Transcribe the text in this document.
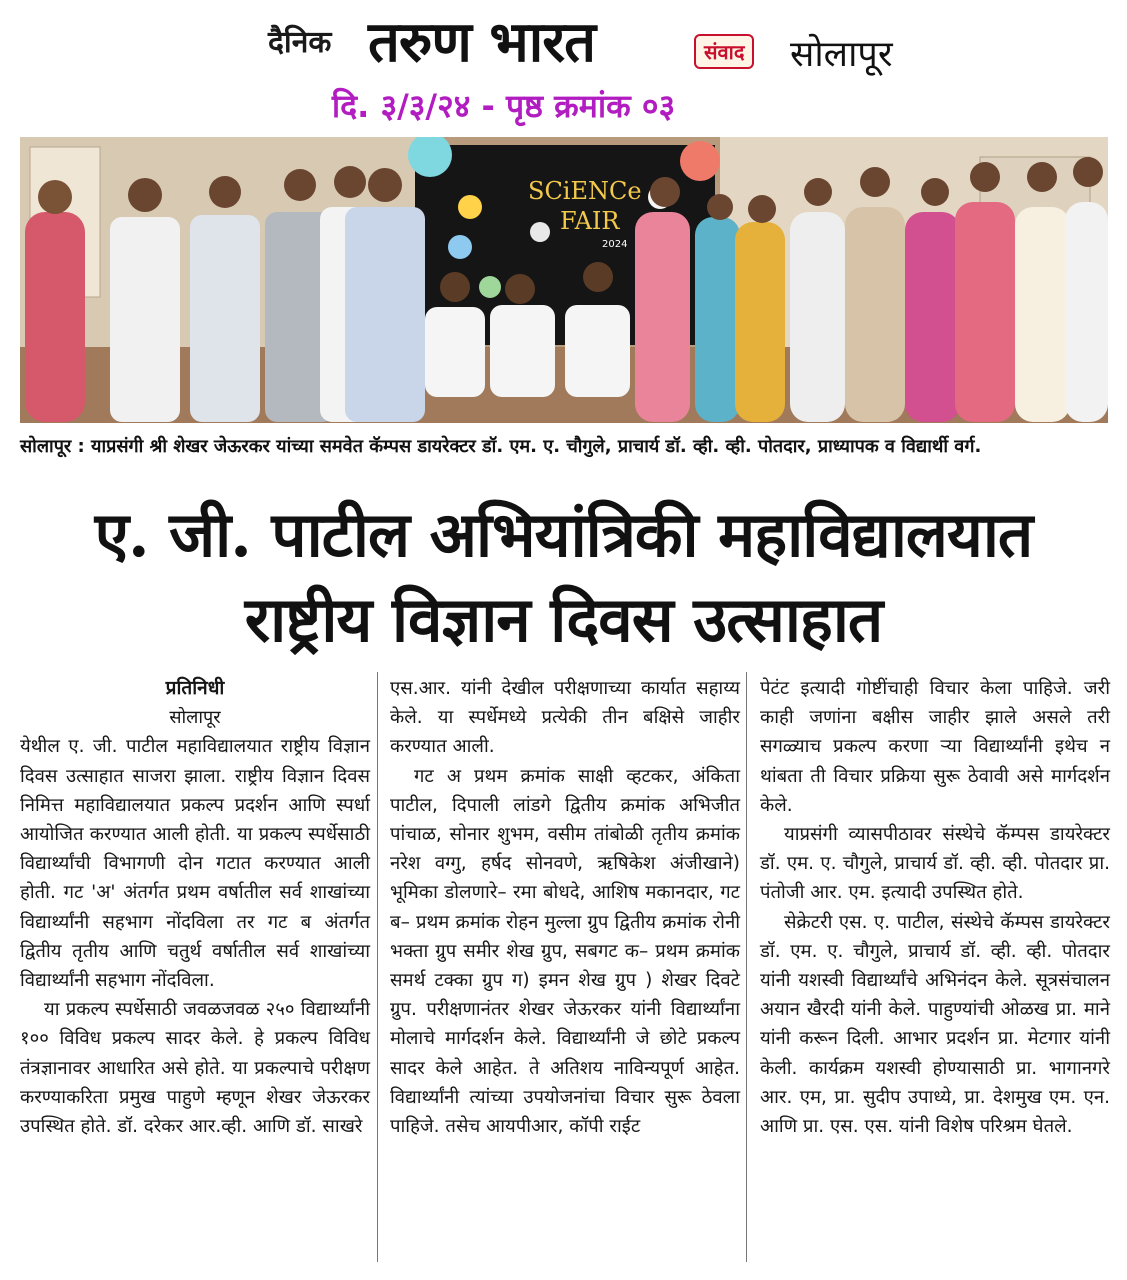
दैनिक तरुण भारत	संवाद सोलापूर
दि. ३/३/२४ - पृष्ठ क्रमांक ०३
SCiENCe
FAIR
2024
सोलापूर : याप्रसंगी श्री शेखर जेऊरकर यांच्या समवेत कॅम्पस डायरेक्टर डॉ. एम. ए. चौगुले, प्राचार्य डॉ. व्ही. व्ही. पोतदार, प्राध्यापक व विद्यार्थी वर्ग.
ए. जी. पाटील अभियांत्रिकी महाविद्यालयात
राष्ट्रीय विज्ञान दिवस उत्साहात
प्रतिनिधी
सोलापूर

येथील ए. जी. पाटील महाविद्यालयात राष्ट्रीय विज्ञान दिवस उत्साहात साजरा झाला. राष्ट्रीय विज्ञान दिवस निमित्त महाविद्यालयात प्रकल्प प्रदर्शन आणि स्पर्धा आयोजित करण्यात आली होती. या प्रकल्प स्पर्धेसाठी विद्यार्थ्यांची विभागणी दोन गटात करण्यात आली होती. गट 'अ' अंतर्गत प्रथम वर्षातील सर्व शाखांच्या विद्यार्थ्यांनी सहभाग नोंदविला तर गट ब अंतर्गत द्वितीय तृतीय आणि चतुर्थ वर्षातील सर्व शाखांच्या विद्यार्थ्यांनी सहभाग नोंदविला.

या प्रकल्प स्पर्धेसाठी जवळजवळ २५० विद्यार्थ्यांनी १०० विविध प्रकल्प सादर केले. हे प्रकल्प विविध तंत्रज्ञानावर आधारित असे होते. या प्रकल्पाचे परीक्षण करण्याकरिता प्रमुख पाहुणे म्हणून शेखर जेऊरकर उपस्थित होते. डॉ. दरेकर आर.व्ही. आणि डॉ. साखरे

एस.आर. यांनी देखील परीक्षणाच्या कार्यात सहाय्य केले. या स्पर्धेमध्ये प्रत्येकी तीन बक्षिसे जाहीर करण्यात आली.

गट अ प्रथम क्रमांक साक्षी व्हटकर, अंकिता पाटील, दिपाली लांडगे द्वितीय क्रमांक अभिजीत पांचाळ, सोनार शुभम, वसीम तांबोळी तृतीय क्रमांक नरेश वग्गु, हर्षद सोनवणे, ऋषिकेश अंजीखाने) भूमिका डोलणारे– रमा बोधदे, आशिष मकानदार, गट ब– प्रथम क्रमांक रोहन मुल्ला ग्रुप द्वितीय क्रमांक रोनी भक्ता ग्रुप समीर शेख ग्रुप, सबगट क– प्रथम क्रमांक समर्थ टक्का ग्रुप ग) इमन शेख ग्रुप ) शेखर दिवटे ग्रुप. परीक्षणानंतर शेखर जेऊरकर यांनी विद्यार्थ्यांना मोलाचे मार्गदर्शन केले. विद्यार्थ्यांनी जे छोटे प्रकल्प सादर केले आहेत. ते अतिशय नाविन्यपूर्ण आहेत. विद्यार्थ्यांनी त्यांच्या उपयोजनांचा विचार सुरू ठेवला पाहिजे. तसेच आयपीआर, कॉपी राईट

पेटंट इत्यादी गोष्टींचाही विचार केला पाहिजे. जरी काही जणांना बक्षीस जाहीर झाले असले तरी सगळ्याच प्रकल्प करणा ऱ्या विद्यार्थ्यांनी इथेच न थांबता ती विचार प्रक्रिया सुरू ठेवावी असे मार्गदर्शन केले.

याप्रसंगी व्यासपीठावर संस्थेचे कॅम्पस डायरेक्टर डॉ. एम. ए. चौगुले, प्राचार्य डॉ. व्ही. व्ही. पोतदार प्रा. पंतोजी आर. एम. इत्यादी उपस्थित होते.

सेक्रेटरी एस. ए. पाटील, संस्थेचे कॅम्पस डायरेक्टर डॉ. एम. ए. चौगुले, प्राचार्य डॉ. व्ही. व्ही. पोतदार यांनी यशस्वी विद्यार्थ्यांचे अभिनंदन केले. सूत्रसंचालन अयान खैरदी यांनी केले. पाहुण्यांची ओळख प्रा. माने यांनी करून दिली. आभार प्रदर्शन प्रा. मेटगार यांनी केली. कार्यक्रम यशस्वी होण्यासाठी प्रा. भागानगरे आर. एम, प्रा. सुदीप उपाध्ये, प्रा. देशमुख एम. एन. आणि प्रा. एस. एस. यांनी विशेष परिश्रम घेतले.
